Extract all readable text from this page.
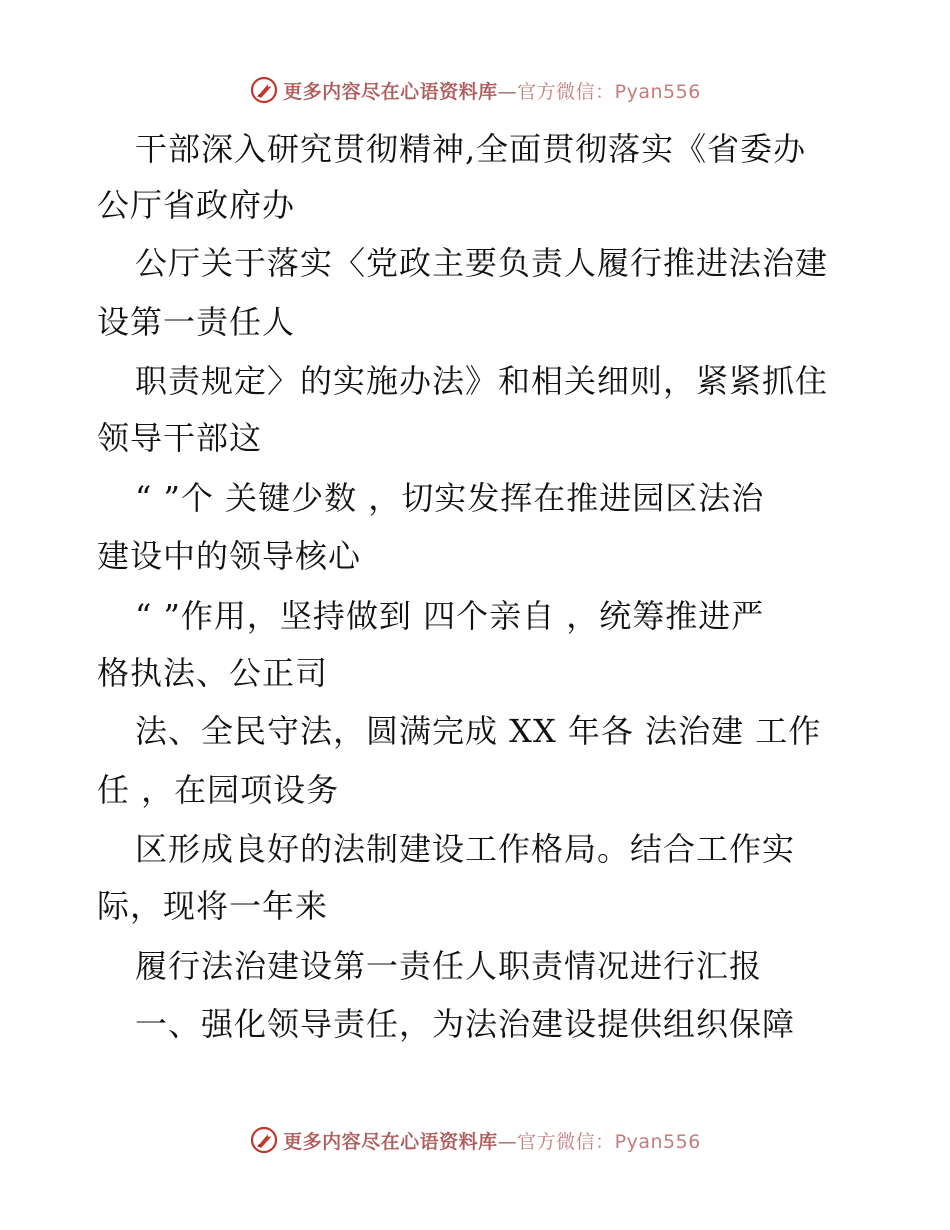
更多内容尽在心语资料库—官方微信：Pyan556
干部深入研究贯彻精神,全面贯彻落实《省委办
公厅省政府办
公厅关于落实〈党政主要负责人履行推进法治建
设第一责任人
职责规定〉的实施办法》和相关细则，紧紧抓住
领导干部这
“ ”个 关键少数 ，切实发挥在推进园区法治
建设中的领导核心
“ ”作用，坚持做到 四个亲自 ，统筹推进严
格执法、公正司
法、全民守法，圆满完成 XX 年各 法治建 工作
任 ，在园项设务
区形成良好的法制建设工作格局。结合工作实
际，现将一年来
履行法治建设第一责任人职责情况进行汇报
一、强化领导责任，为法治建设提供组织保障
更多内容尽在心语资料库—官方微信：Pyan556
